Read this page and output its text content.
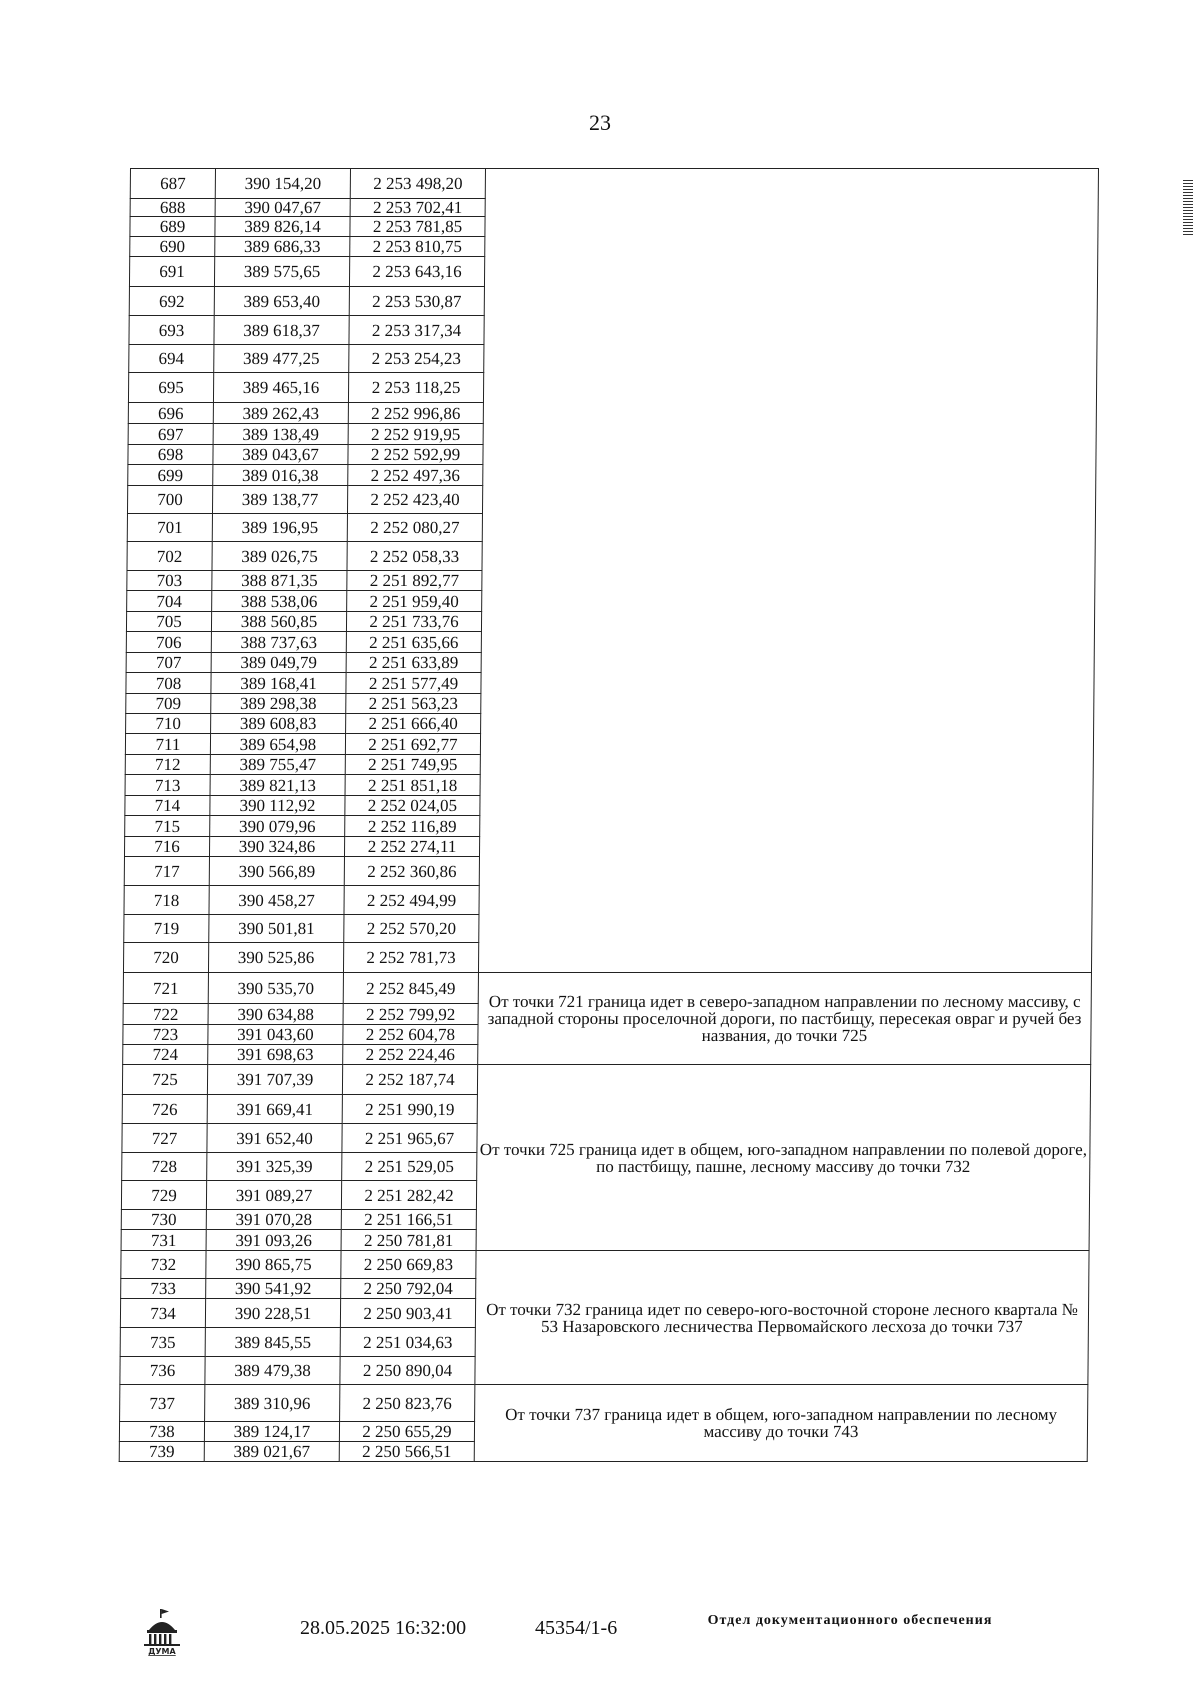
23
687	390 154,20	2 253 498,20	
688	390 047,67	2 253 702,41	
689	389 826,14	2 253 781,85	
690	389 686,33	2 253 810,75	
691	389 575,65	2 253 643,16	
692	389 653,40	2 253 530,87	
693	389 618,37	2 253 317,34	
694	389 477,25	2 253 254,23	
695	389 465,16	2 253 118,25	
696	389 262,43	2 252 996,86	
697	389 138,49	2 252 919,95	
698	389 043,67	2 252 592,99	
699	389 016,38	2 252 497,36	
700	389 138,77	2 252 423,40	
701	389 196,95	2 252 080,27	
702	389 026,75	2 252 058,33	
703	388 871,35	2 251 892,77	
704	388 538,06	2 251 959,40	
705	388 560,85	2 251 733,76	
706	388 737,63	2 251 635,66	
707	389 049,79	2 251 633,89	
708	389 168,41	2 251 577,49	
709	389 298,38	2 251 563,23	
710	389 608,83	2 251 666,40	
711	389 654,98	2 251 692,77	
712	389 755,47	2 251 749,95	
713	389 821,13	2 251 851,18	
714	390 112,92	2 252 024,05	
715	390 079,96	2 252 116,89	
716	390 324,86	2 252 274,11	
717	390 566,89	2 252 360,86	
718	390 458,27	2 252 494,99	
719	390 501,81	2 252 570,20	
720	390 525,86	2 252 781,73	
721	390 535,70	2 252 845,49	От точки 721 граница идет в северо-западном направлении по лесному массиву, с западной стороны проселочной дороги, по пастбищу, пересекая овраг и ручей без названия, до точки 725
722	390 634,88	2 252 799,92	
723	391 043,60	2 252 604,78	
724	391 698,63	2 252 224,46	
725	391 707,39	2 252 187,74	От точки 725 граница идет в общем, юго-западном направлении по полевой дороге, по пастбищу, пашне, лесному массиву до точки 732
726	391 669,41	2 251 990,19	
727	391 652,40	2 251 965,67	
728	391 325,39	2 251 529,05	
729	391 089,27	2 251 282,42	
730	391 070,28	2 251 166,51	
731	391 093,26	2 250 781,81	
732	390 865,75	2 250 669,83	От точки 732 граница идет по северо-юго-восточной стороне лесного квартала № 53 Назаровского лесничества Первомайского лесхоза до точки 737
733	390 541,92	2 250 792,04	
734	390 228,51	2 250 903,41	
735	389 845,55	2 251 034,63	
736	389 479,38	2 250 890,04	
737	389 310,96	2 250 823,76	От точки 737 граница идет в общем, юго-западном направлении по лесному массиву до точки 743
738	389 124,17	2 250 655,29	
739	389 021,67	2 250 566,51	
ДУМА
28.05.2025 16:32:00	45354/1-6	Отдел документационного обеспечения
